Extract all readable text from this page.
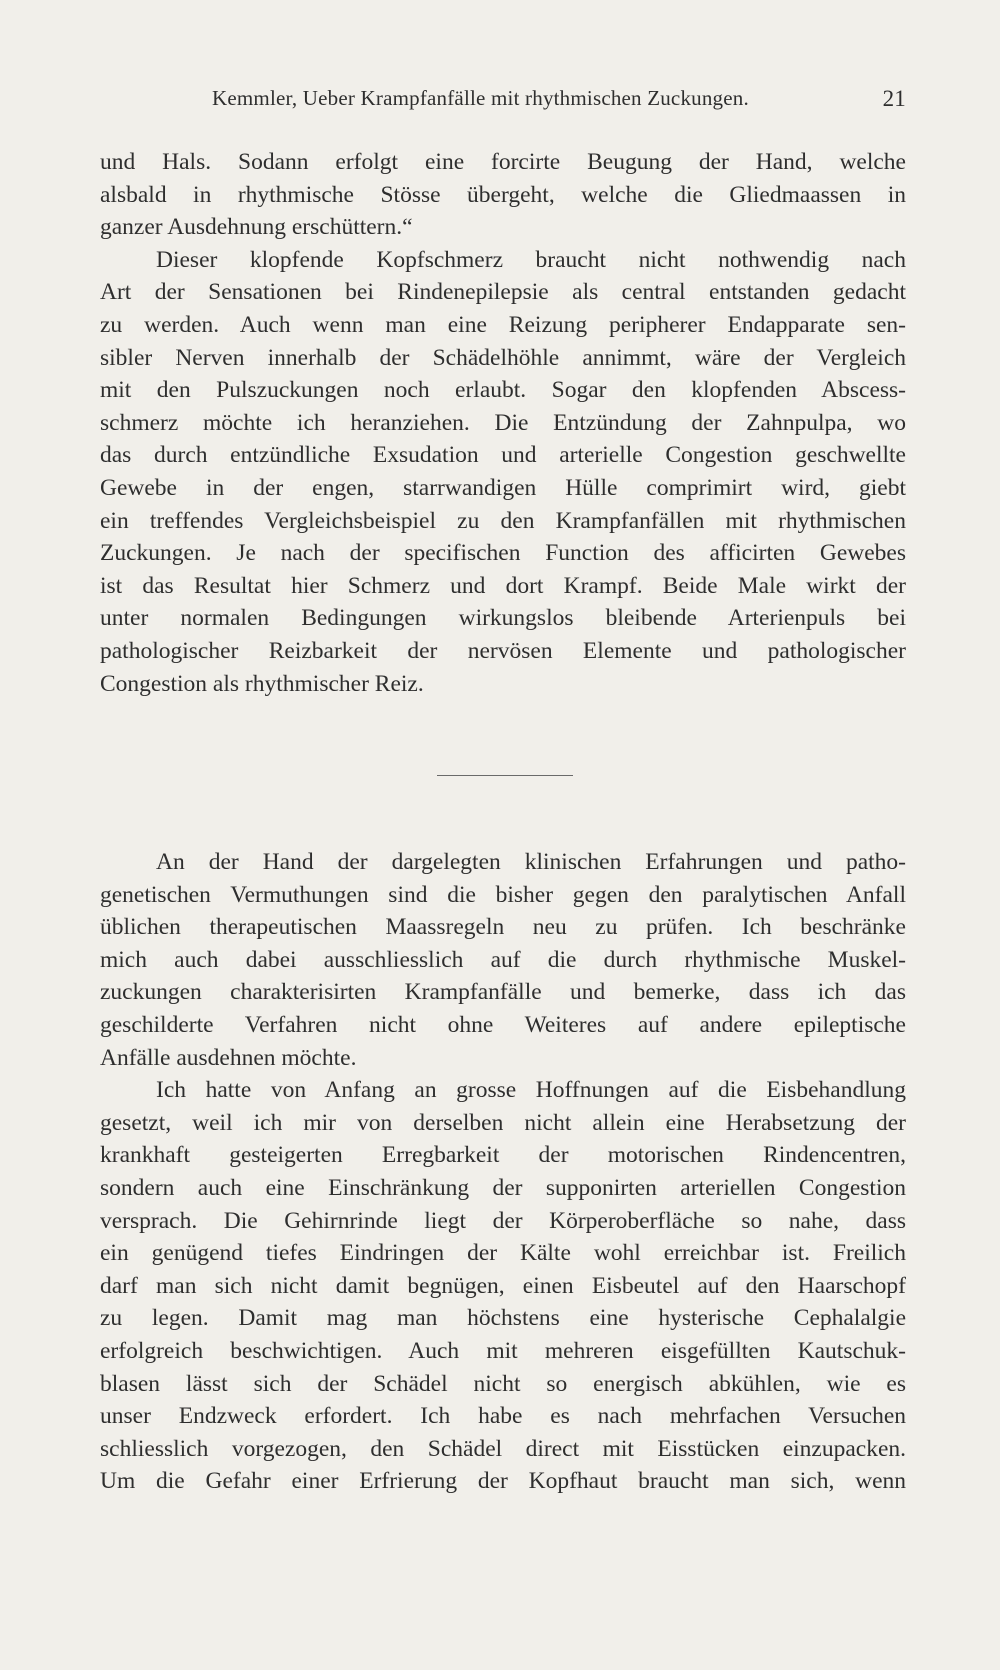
Kemmler, Ueber Krampfanfälle mit rhythmischen Zuckungen.	21
und Hals. Sodann erfolgt eine forcirte Beugung der Hand, welche
alsbald in rhythmische Stösse übergeht, welche die Gliedmaassen in
ganzer Ausdehnung erschüttern.“
Dieser klopfende Kopfschmerz braucht nicht nothwendig nach
Art der Sensationen bei Rindenepilepsie als central entstanden gedacht
zu werden. Auch wenn man eine Reizung peripherer Endapparate sen-
sibler Nerven innerhalb der Schädelhöhle annimmt, wäre der Vergleich
mit den Pulszuckungen noch erlaubt. Sogar den klopfenden Abscess-
schmerz möchte ich heranziehen. Die Entzündung der Zahnpulpa, wo
das durch entzündliche Exsudation und arterielle Congestion geschwellte
Gewebe in der engen, starrwandigen Hülle comprimirt wird, giebt
ein treffendes Vergleichsbeispiel zu den Krampfanfällen mit rhythmischen
Zuckungen. Je nach der specifischen Function des afficirten Gewebes
ist das Resultat hier Schmerz und dort Krampf. Beide Male wirkt der
unter normalen Bedingungen wirkungslos bleibende Arterienpuls bei
pathologischer Reizbarkeit der nervösen Elemente und pathologischer
Congestion als rhythmischer Reiz.
An der Hand der dargelegten klinischen Erfahrungen und patho-
genetischen Vermuthungen sind die bisher gegen den paralytischen Anfall
üblichen therapeutischen Maassregeln neu zu prüfen. Ich beschränke
mich auch dabei ausschliesslich auf die durch rhythmische Muskel-
zuckungen charakterisirten Krampfanfälle und bemerke, dass ich das
geschilderte Verfahren nicht ohne Weiteres auf andere epileptische
Anfälle ausdehnen möchte.
Ich hatte von Anfang an grosse Hoffnungen auf die Eisbehandlung
gesetzt, weil ich mir von derselben nicht allein eine Herabsetzung der
krankhaft gesteigerten Erregbarkeit der motorischen Rindencentren,
sondern auch eine Einschränkung der supponirten arteriellen Congestion
versprach. Die Gehirnrinde liegt der Körperoberfläche so nahe, dass
ein genügend tiefes Eindringen der Kälte wohl erreichbar ist. Freilich
darf man sich nicht damit begnügen, einen Eisbeutel auf den Haarschopf
zu legen. Damit mag man höchstens eine hysterische Cephalalgie
erfolgreich beschwichtigen. Auch mit mehreren eisgefüllten Kautschuk-
blasen lässt sich der Schädel nicht so energisch abkühlen, wie es
unser Endzweck erfordert. Ich habe es nach mehrfachen Versuchen
schliesslich vorgezogen, den Schädel direct mit Eisstücken einzupacken.
Um die Gefahr einer Erfrierung der Kopfhaut braucht man sich, wenn
